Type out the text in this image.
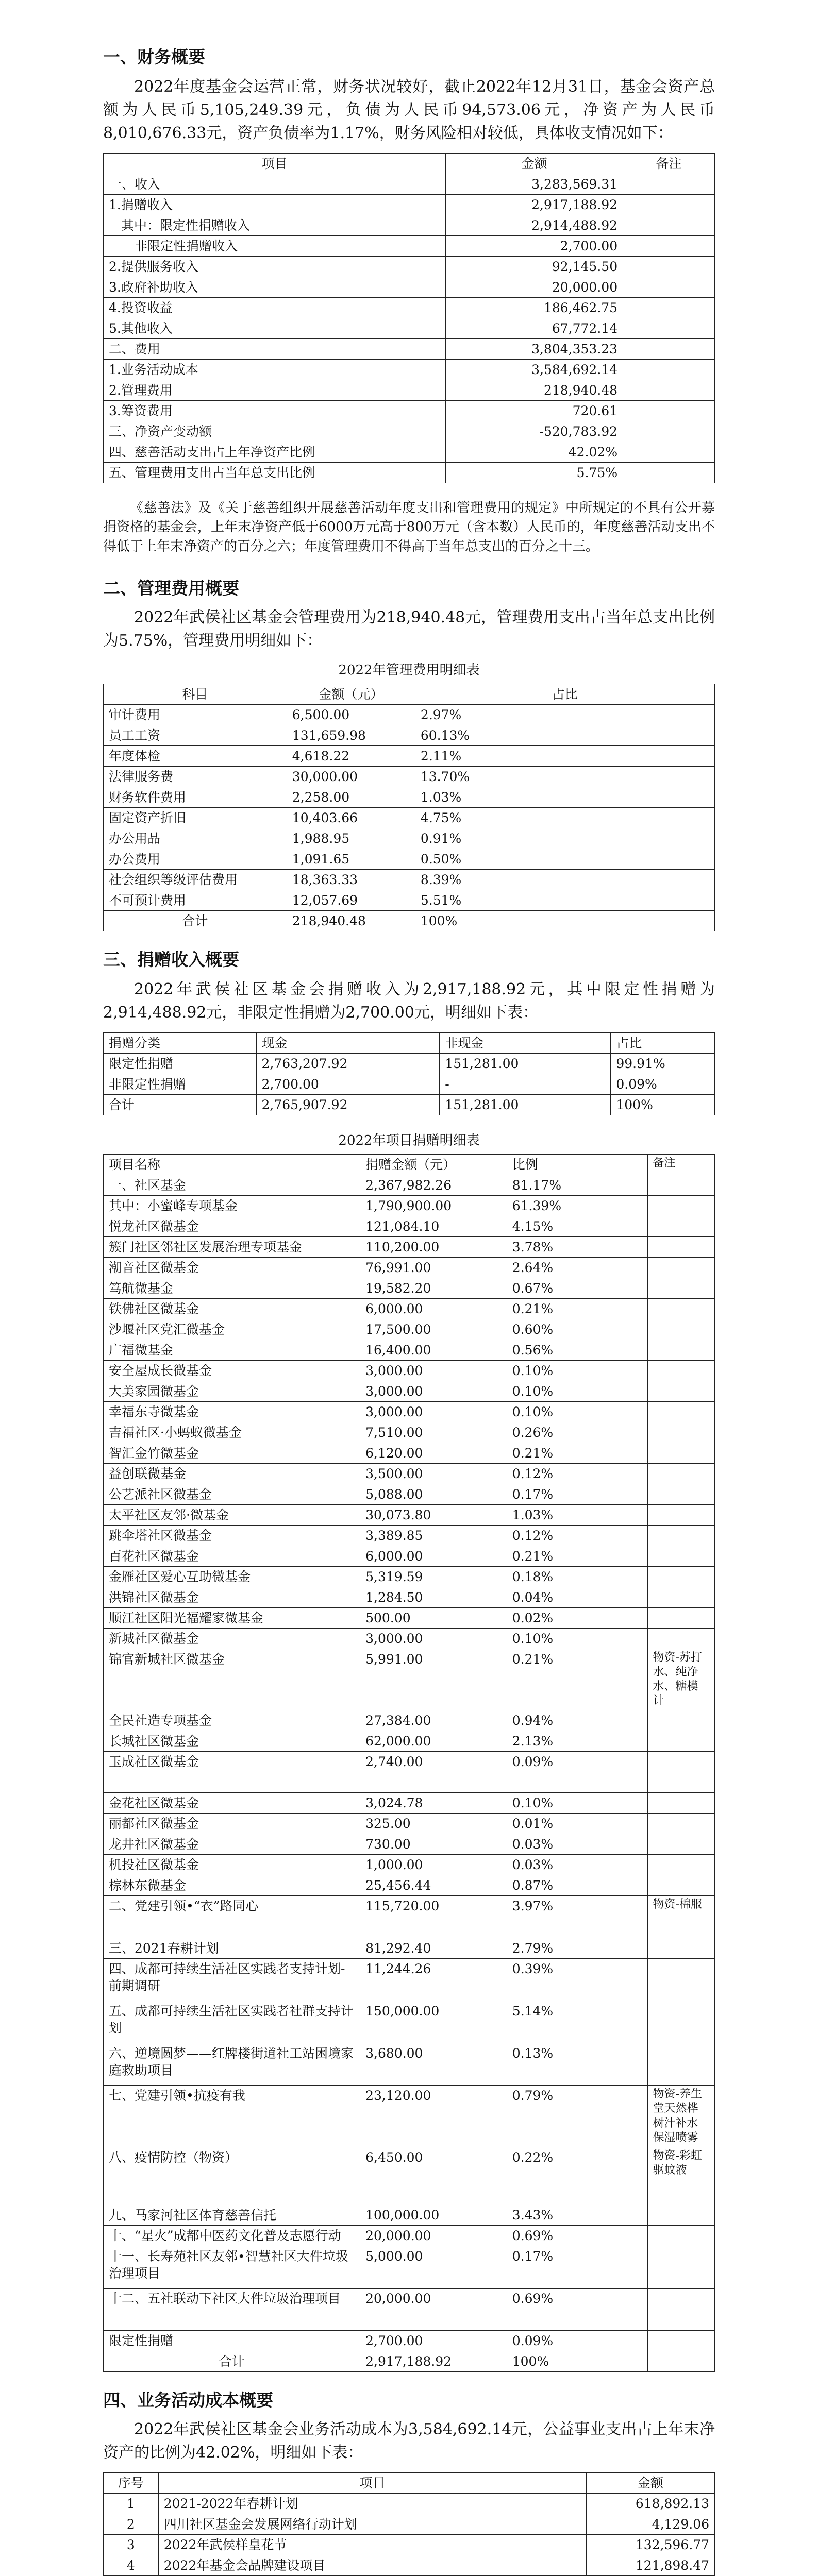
一、财务概要

2022年度基金会运营正常，财务状况较好，截止2022年12月31日，基金会资产总额为人民币5,105,249.39元，负债为人民币94,573.06元，净资产为人民币8,010,676.33元，资产负债率为1.17%，财务风险相对较低，具体收支情况如下：

项目	金额	备注
一、收入	3,283,569.31	
1.捐赠收入	2,917,188.92	
其中：限定性捐赠收入	2,914,488.92	
非限定性捐赠收入	2,700.00	
2.提供服务收入	92,145.50	
3.政府补助收入	20,000.00	
4.投资收益	186,462.75	
5.其他收入	67,772.14	
二、费用	3,804,353.23	
1.业务活动成本	3,584,692.14	
2.管理费用	218,940.48	
3.筹资费用	720.61	
三、净资产变动额	-520,783.92	
四、慈善活动支出占上年净资产比例	42.02%	
五、管理费用支出占当年总支出比例	5.75%	

《慈善法》及《关于慈善组织开展慈善活动年度支出和管理费用的规定》中所规定的不具有公开募捐资格的基金会，上年末净资产低于6000万元高于800万元（含本数）人民币的，年度慈善活动支出不得低于上年末净资产的百分之六；年度管理费用不得高于当年总支出的百分之十三。

二、管理费用概要

2022年武侯社区基金会管理费用为218,940.48元，管理费用支出占当年总支出比例为5.75%，管理费用明细如下：

2022年管理费用明细表
科目	金额（元）	占比
审计费用	6,500.00	2.97%
员工工资	131,659.98	60.13%
年度体检	4,618.22	2.11%
法律服务费	30,000.00	13.70%
财务软件费用	2,258.00	1.03%
固定资产折旧	10,403.66	4.75%
办公用品	1,988.95	0.91%
办公费用	1,091.65	0.50%
社会组织等级评估费用	18,363.33	8.39%
不可预计费用	12,057.69	5.51%
合计	218,940.48	100%
三、捐赠收入概要

2022年武侯社区基金会捐赠收入为2,917,188.92元，其中限定性捐赠为2,914,488.92元，非限定性捐赠为2,700.00元，明细如下表：

捐赠分类	现金	非现金	占比
限定性捐赠	2,763,207.92	151,281.00	99.91%
非限定性捐赠	2,700.00	-	0.09%
合计	2,765,907.92	151,281.00	100%
2022年项目捐赠明细表
项目名称	捐赠金额（元）	比例	备注
一、社区基金	2,367,982.26	81.17%	
其中：小蜜峰专项基金	1,790,900.00	61.39%	
悦龙社区微基金	121,084.10	4.15%	
簇门社区邻社区发展治理专项基金	110,200.00	3.78%	
潮音社区微基金	76,991.00	2.64%	
笃航微基金	19,582.20	0.67%	
铁佛社区微基金	6,000.00	0.21%	
沙堰社区党汇微基金	17,500.00	0.60%	
广福微基金	16,400.00	0.56%	
安全屋成长微基金	3,000.00	0.10%	
大美家园微基金	3,000.00	0.10%	
幸福东寺微基金	3,000.00	0.10%	
吉福社区·小蚂蚁微基金	7,510.00	0.26%	
智汇金竹微基金	6,120.00	0.21%	
益创联微基金	3,500.00	0.12%	
公艺派社区微基金	5,088.00	0.17%	
太平社区友邻·微基金	30,073.80	1.03%	
跳伞塔社区微基金	3,389.85	0.12%	
百花社区微基金	6,000.00	0.21%	
金雁社区爱心互助微基金	5,319.59	0.18%	
洪锦社区微基金	1,284.50	0.04%	
顺江社区阳光福耀家微基金	500.00	0.02%	
新城社区微基金	3,000.00	0.10%	
锦官新城社区微基金	5,991.00	0.21%	物资-苏打水、纯净水、糖模计
全民社造专项基金	27,384.00	0.94%	
长城社区微基金	62,000.00	2.13%	
玉成社区微基金	2,740.00	0.09%	

金花社区微基金	3,024.78	0.10%	
丽都社区微基金	325.00	0.01%	
龙井社区微基金	730.00	0.03%	
机投社区微基金	1,000.00	0.03%	
棕林东微基金	25,456.44	0.87%	
二、党建引领•“衣”路同心	115,720.00	3.97%	物资-棉服
三、2021春耕计划	81,292.40	2.79%	
四、成都可持续生活社区实践者支持计划-前期调研	11,244.26	0.39%	
五、成都可持续生活社区实践者社群支持计划	150,000.00	5.14%	
六、逆境圆梦——红牌楼街道社工站困境家庭救助项目	3,680.00	0.13%	
七、党建引领•抗疫有我	23,120.00	0.79%	物资-养生堂天然桦树汁补水保湿喷雾
八、疫情防控（物资）	6,450.00	0.22%	物资-彩虹驱蚊液
九、马家河社区体育慈善信托	100,000.00	3.43%	
十、“星火”成都中医药文化普及志愿行动	20,000.00	0.69%	
十一、长寿苑社区友邻•智慧社区大件垃圾治理项目	5,000.00	0.17%	
十二、五社联动下社区大件垃圾治理项目	20,000.00	0.69%	
限定性捐赠	2,700.00	0.09%	
合计	2,917,188.92	100%	
四、业务活动成本概要

2022年武侯社区基金会业务活动成本为3,584,692.14元，公益事业支出占上年末净资产的比例为42.02%，明细如下表：

序号	项目	金额
1	2021-2022年春耕计划	618,892.13
2	四川社区基金会发展网络行动计划	4,129.06
3	2022年武侯样皇花节	132,596.77
4	2022年基金会品牌建设项目	121,898.47
